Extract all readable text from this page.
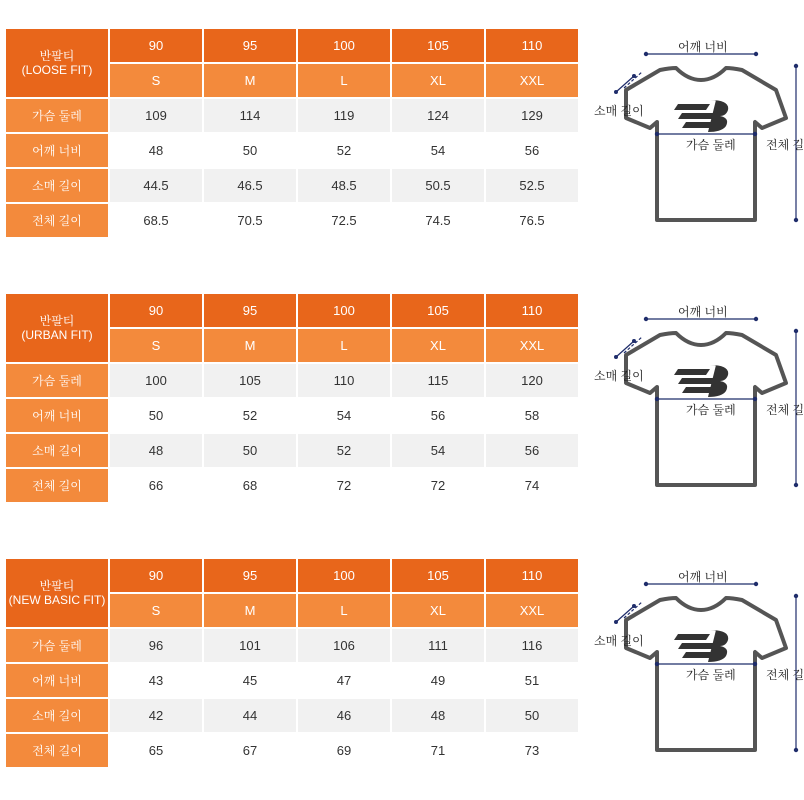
반팔티
(LOOSE FIT)	90	95	100	105	110
	S	M	L	XL	XXL
가슴 둘레	109	114	119	124	129
어깨 너비	48	50	52	54	56
소매 길이	44.5	46.5	48.5	50.5	52.5
전체 길이	68.5	70.5	72.5	74.5	76.5
반팔티
(URBAN FIT)	90	95	100	105	110
	S	M	L	XL	XXL
가슴 둘레	100	105	110	115	120
어깨 너비	50	52	54	56	58
소매 길이	48	50	52	54	56
전체 길이	66	68	72	72	74
반팔티
(NEW BASIC FIT)	90	95	100	105	110
	S	M	L	XL	XXL
가슴 둘레	96	101	106	111	116
어깨 너비	43	45	47	49	51
소매 길이	42	44	46	48	50
전체 길이	65	67	69	71	73
어깨 너비
소매 길이
가슴 둘레	전체 길
어깨 너비
소매 길이
가슴 둘레	전체 길
어깨 너비
소매 길이
가슴 둘레	전체 길
